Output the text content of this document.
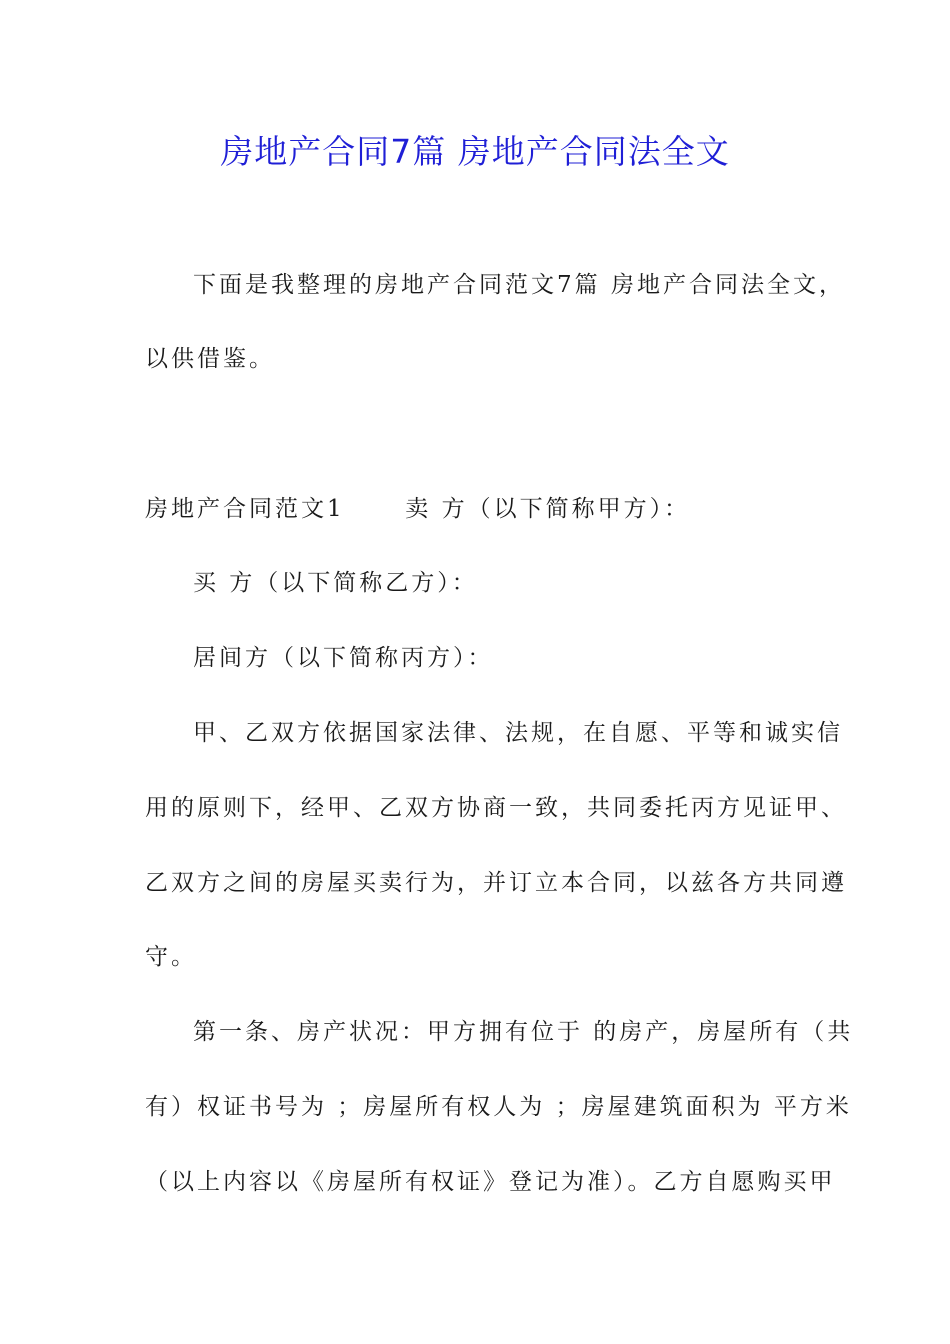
房地产合同7篇 房地产合同法全文
下面是我整理的房地产合同范文7篇 房地产合同法全文，
以供借鉴。
房地产合同范文1	卖 方（以下简称甲方）：
买 方（以下简称乙方）：
居间方（以下简称丙方）：
甲、乙双方依据国家法律、法规，在自愿、平等和诚实信
用的原则下，经甲、乙双方协商一致，共同委托丙方见证甲、
乙双方之间的房屋买卖行为，并订立本合同，以兹各方共同遵
守。
第一条、房产状况：甲方拥有位于 的房产，房屋所有（共
有）权证书号为 ；房屋所有权人为 ；房屋建筑面积为 平方米
（以上内容以《房屋所有权证》登记为准）。乙方自愿购买甲
